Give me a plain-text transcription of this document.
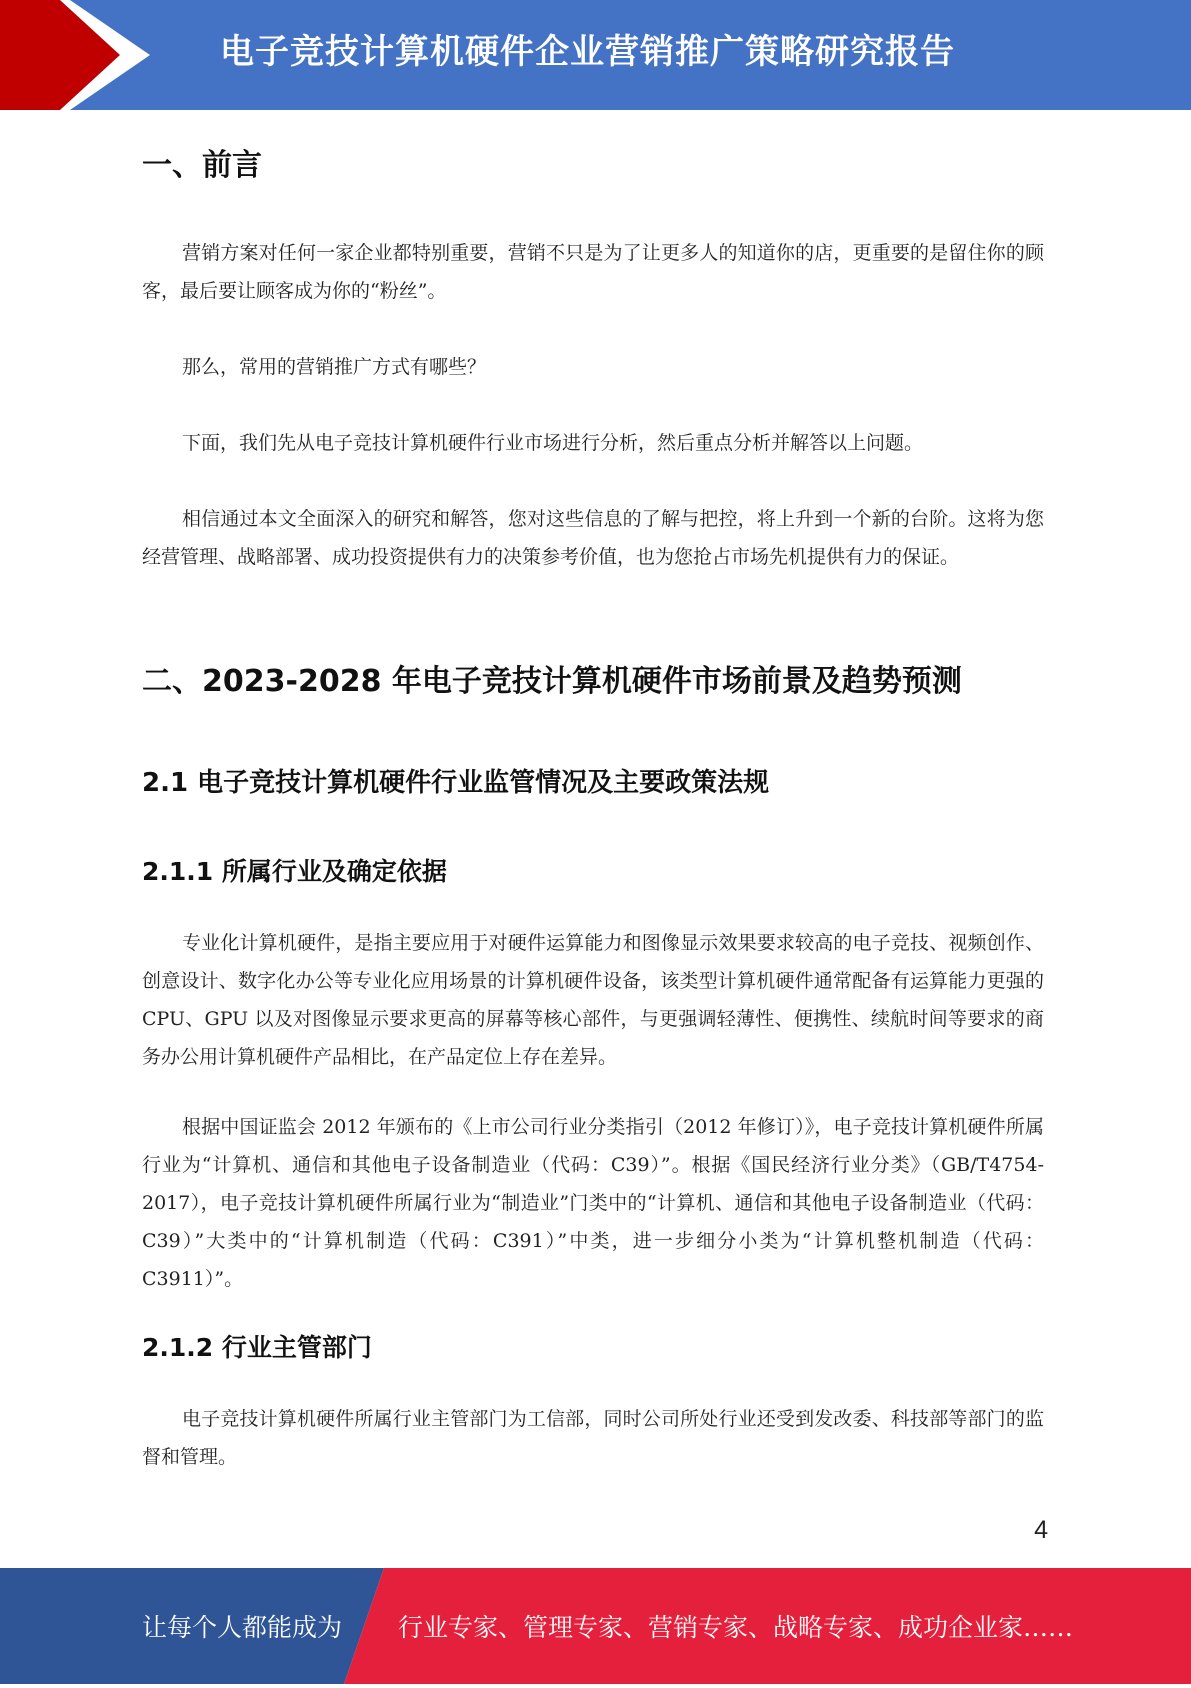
电子竞技计算机硬件企业营销推广策略研究报告
一、前言

营销方案对任何一家企业都特别重要，营销不只是为了让更多人的知道你的店，更重要的是留住你的顾客，最后要让顾客成为你的“粉丝”。

那么，常用的营销推广方式有哪些？

下面，我们先从电子竞技计算机硬件行业市场进行分析，然后重点分析并解答以上问题。

相信通过本文全面深入的研究和解答，您对这些信息的了解与把控，将上升到一个新的台阶。这将为您经营管理、战略部署、成功投资提供有力的决策参考价值，也为您抢占市场先机提供有力的保证。

二、2023-2028 年电子竞技计算机硬件市场前景及趋势预测
2.1 电子竞技计算机硬件行业监管情况及主要政策法规
2.1.1 所属行业及确定依据

专业化计算机硬件，是指主要应用于对硬件运算能力和图像显示效果要求较高的电子竞技、视频创作、创意设计、数字化办公等专业化应用场景的计算机硬件设备，该类型计算机硬件通常配备有运算能力更强的 CPU、GPU 以及对图像显示要求更高的屏幕等核心部件，与更强调轻薄性、便携性、续航时间等要求的商务办公用计算机硬件产品相比，在产品定位上存在差异。

根据中国证监会 2012 年颁布的《上市公司行业分类指引（2012 年修订）》，电子竞技计算机硬件所属行业为“计算机、通信和其他电子设备制造业（代码：C39）”。根据《国民经济行业分类》（GB/T4754-2017），电子竞技计算机硬件所属行业为“制造业”门类中的“计算机、通信和其他电子设备制造业（代码：C39）”大类中的“计算机制造（代码：C391）”中类，进一步细分小类为“计算机整机制造（代码：C3911）”。

2.1.2 行业主管部门

电子竞技计算机硬件所属行业主管部门为工信部，同时公司所处行业还受到发改委、科技部等部门的监督和管理。

4
让每个人都能成为 行业专家、管理专家、营销专家、战略专家、成功企业家……
